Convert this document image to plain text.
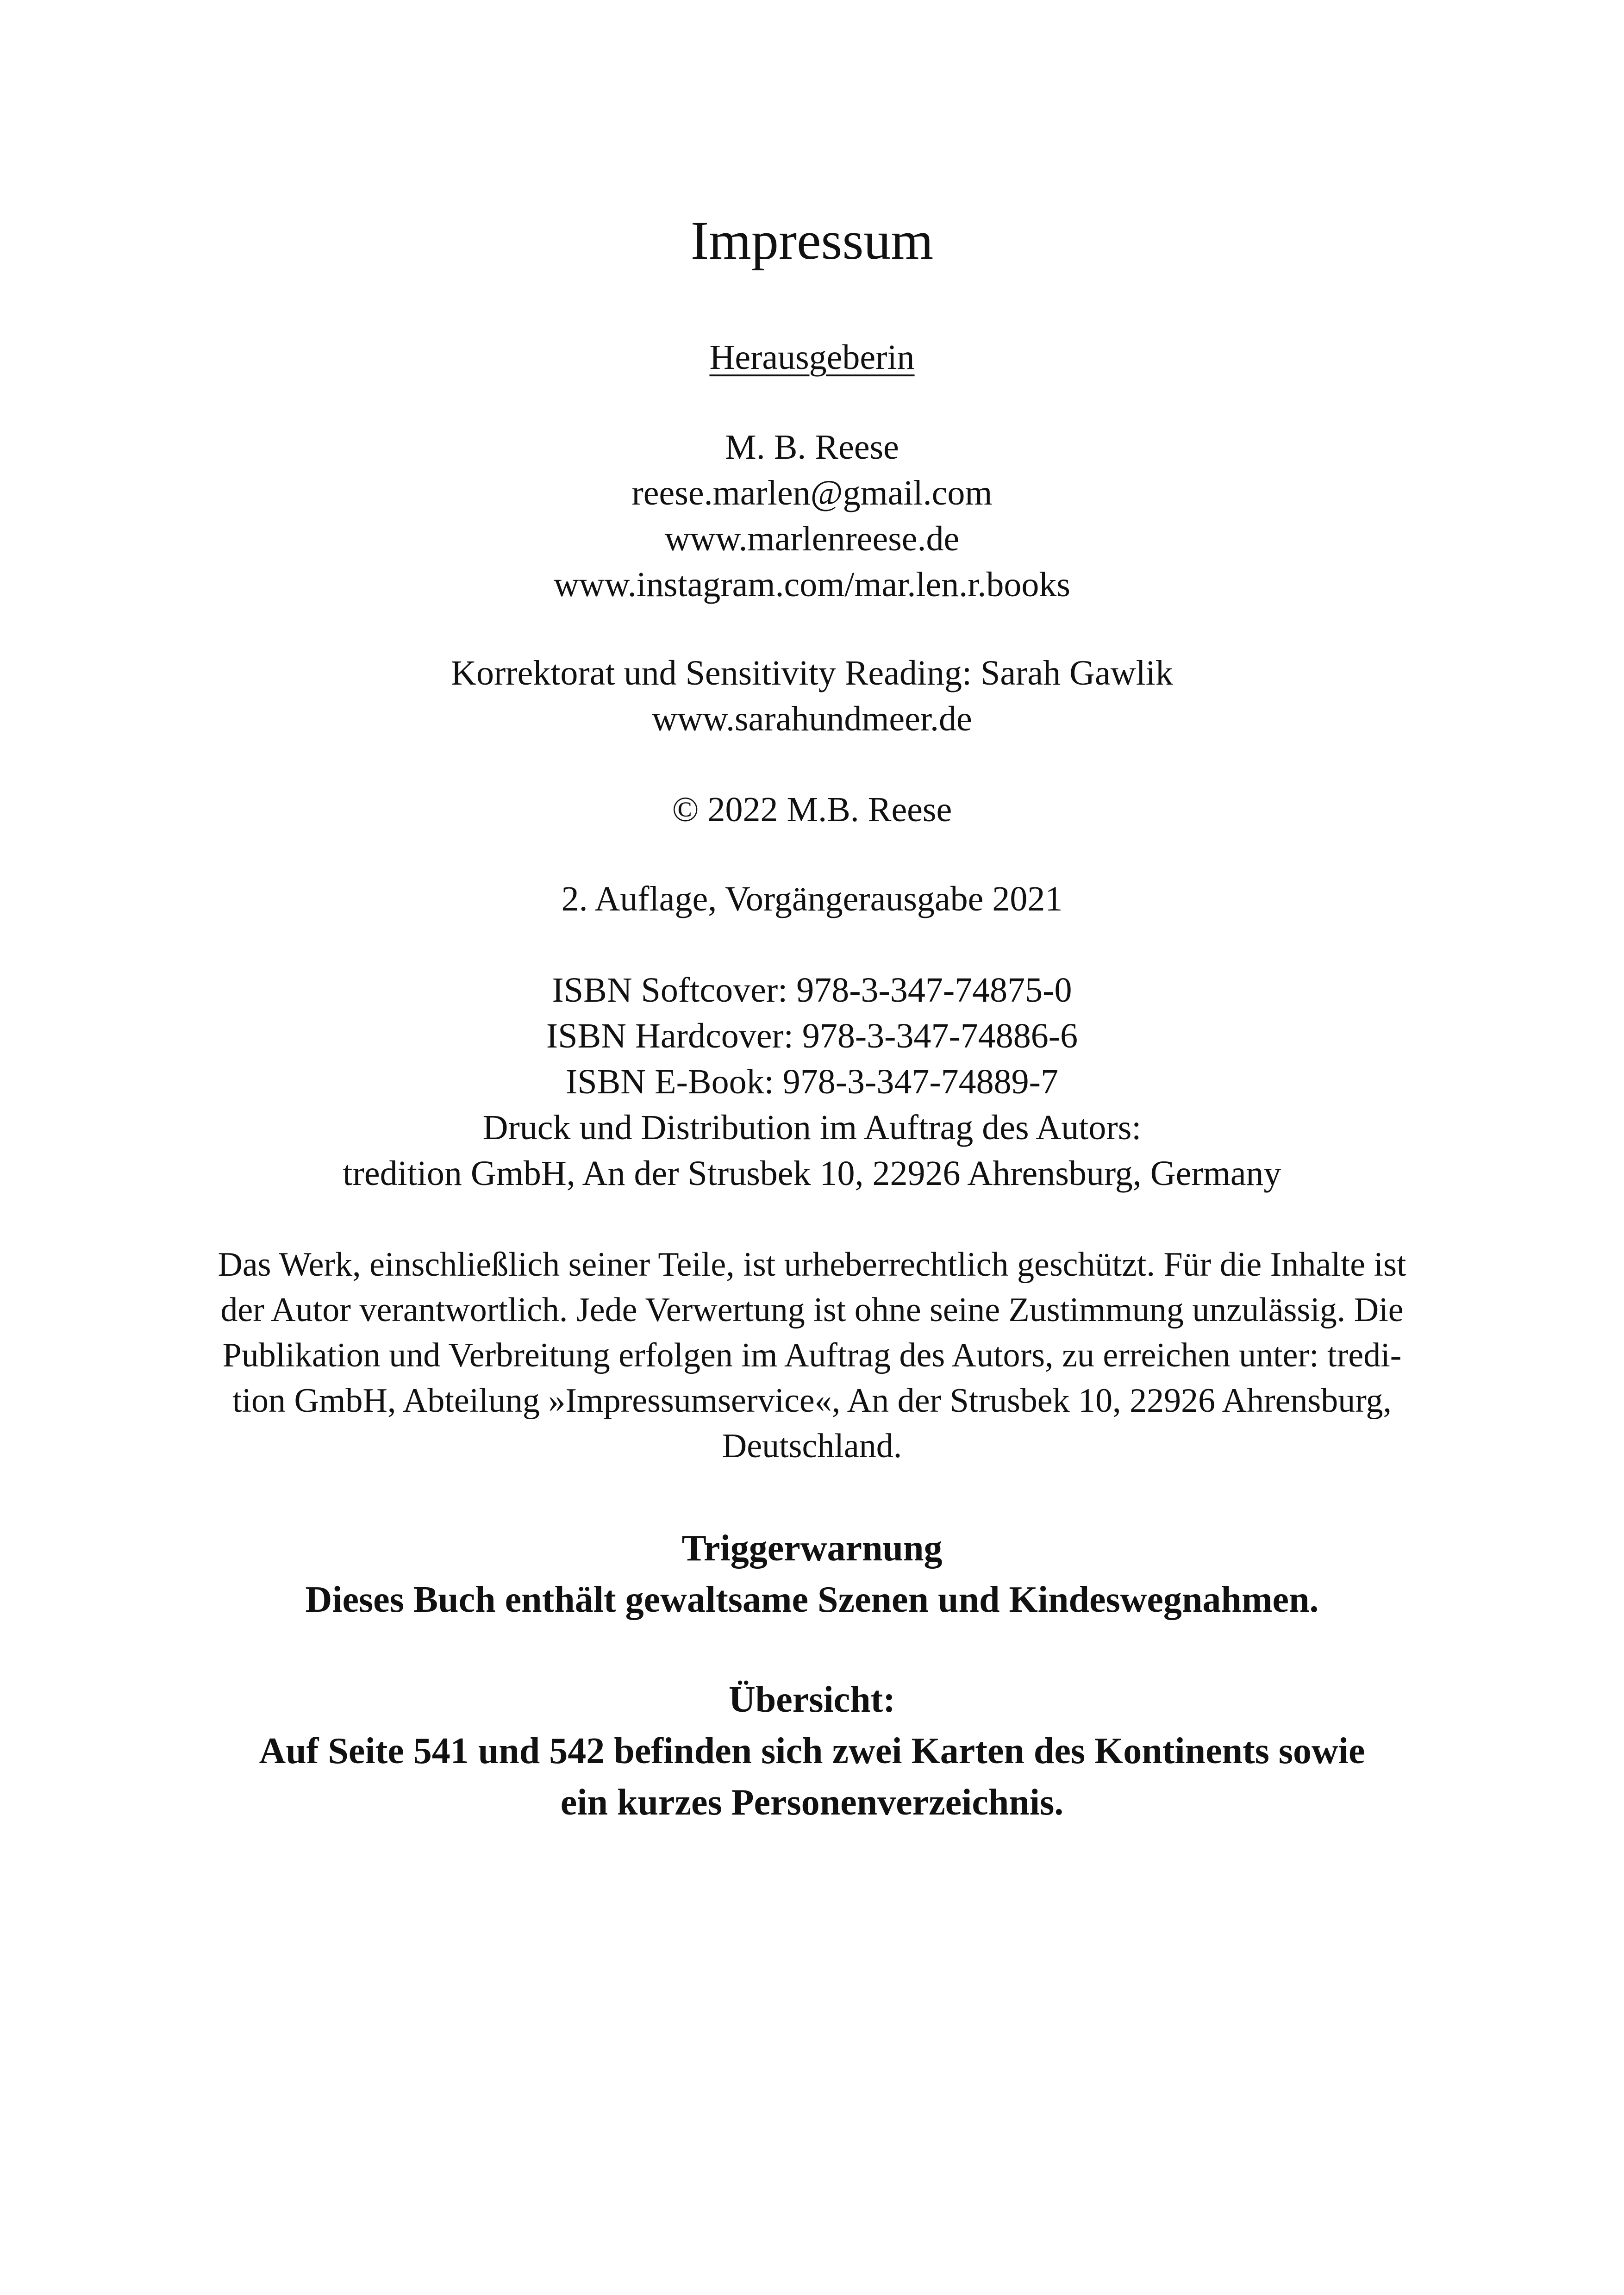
Impressum
Herausgeberin
M. B. Reese
reese.marlen@gmail.com
www.marlenreese.de
www.instagram.com/mar.len.r.books
Korrektorat und Sensitivity Reading: Sarah Gawlik
www.sarahundmeer.de
© 2022 M.B. Reese
2. Auflage, Vorgängerausgabe 2021
ISBN Softcover: 978-3-347-74875-0
ISBN Hardcover: 978-3-347-74886-6
ISBN E-Book: 978-3-347-74889-7
Druck und Distribution im Auftrag des Autors:
tredition GmbH, An der Strusbek 10, 22926 Ahrensburg, Germany
Das Werk, einschließlich seiner Teile, ist urheberrechtlich geschützt. Für die Inhalte ist
der Autor verantwortlich. Jede Verwertung ist ohne seine Zustimmung unzulässig. Die
Publikation und Verbreitung erfolgen im Auftrag des Autors, zu erreichen unter: tredi-
tion GmbH, Abteilung »Impressumservice«, An der Strusbek 10, 22926 Ahrensburg,
Deutschland.
Triggerwarnung
Dieses Buch enthält gewaltsame Szenen und Kindeswegnahmen.
Übersicht:
Auf Seite 541 und 542 befinden sich zwei Karten des Kontinents sowie
ein kurzes Personenverzeichnis.
